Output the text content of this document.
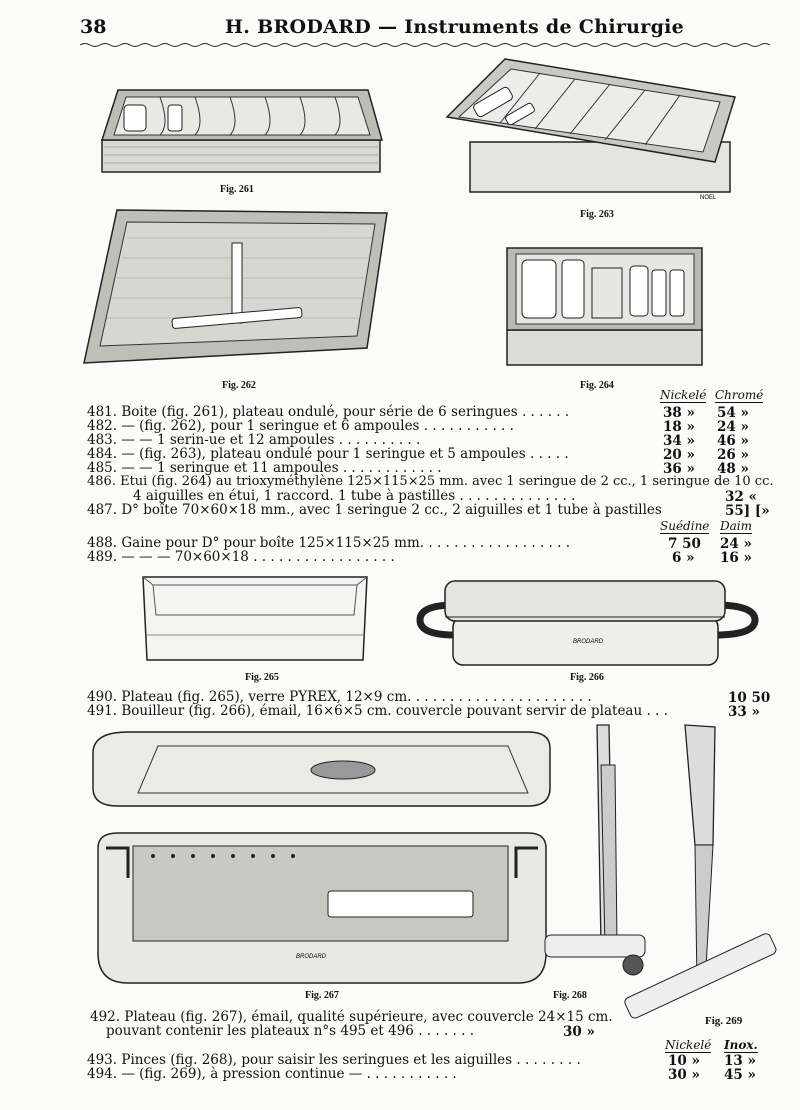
38	H. BRODARD — Instruments de Chirurgie
Fig. 261
NOEL
Fig. 263
Fig. 262	Fig. 264
Nickelé Chromé
481. Boite (fig. 261), plateau ondulé, pour série de 6 seringues . . . . . .	38 » 54 »
482. — (fig. 262), pour 1 seringue et 6 ampoules . . . . . . . . . . .	18 » 24 »
483. — — 1 serin-ue et 12 ampoules . . . . . . . . . .	34 » 46 »
484. — (fig. 263), plateau ondulé pour 1 seringue et 5 ampoules . . . . .	20 » 26 »
485. — — 1 seringue et 11 ampoules . . . . . . . . . . . .	36 » 48 »
486. Etui (fig. 264) au trioxyméthylène 125×115×25 mm. avec 1 seringue de 2 cc., 1 seringue de 10 cc.
4 aiguilles en étui, 1 raccord. 1 tube à pastilles . . . . . . . . . . . . . .	32 «
487. D° boîte 70×60×18 mm., avec 1 seringue 2 cc., 2 aiguilles et 1 tube à pastilles	55] [»
Suédine Daim
488. Gaine pour D° pour boîte 125×115×25 mm. . . . . . . . . . . . . . . . . .	7 50 24 »
489. — — — 70×60×18 . . . . . . . . . . . . . . . . .	6 » 16 »
Fig. 265
BRODARD
Fig. 266
490. Plateau (fig. 265), verre PYREX, 12×9 cm. . . . . . . . . . . . . . . . . . . . . .	10 50
491. Bouilleur (fig. 266), émail, 16×6×5 cm. couvercle pouvant servir de plateau . . .	33 »
BRODARD
Fig. 267	Fig. 268
Fig. 269
492. Plateau (fig. 267), émail, qualité supérieure, avec couvercle 24×15 cm.
pouvant contenir les plateaux n°s 495 et 496 . . . . . . .	30 »
Nickelé Inox.
493. Pinces (fig. 268), pour saisir les seringues et les aiguilles . . . . . . . .	10 » 13 »
494. — (fig. 269), à pression continue — . . . . . . . . . . .	30 » 45 »
